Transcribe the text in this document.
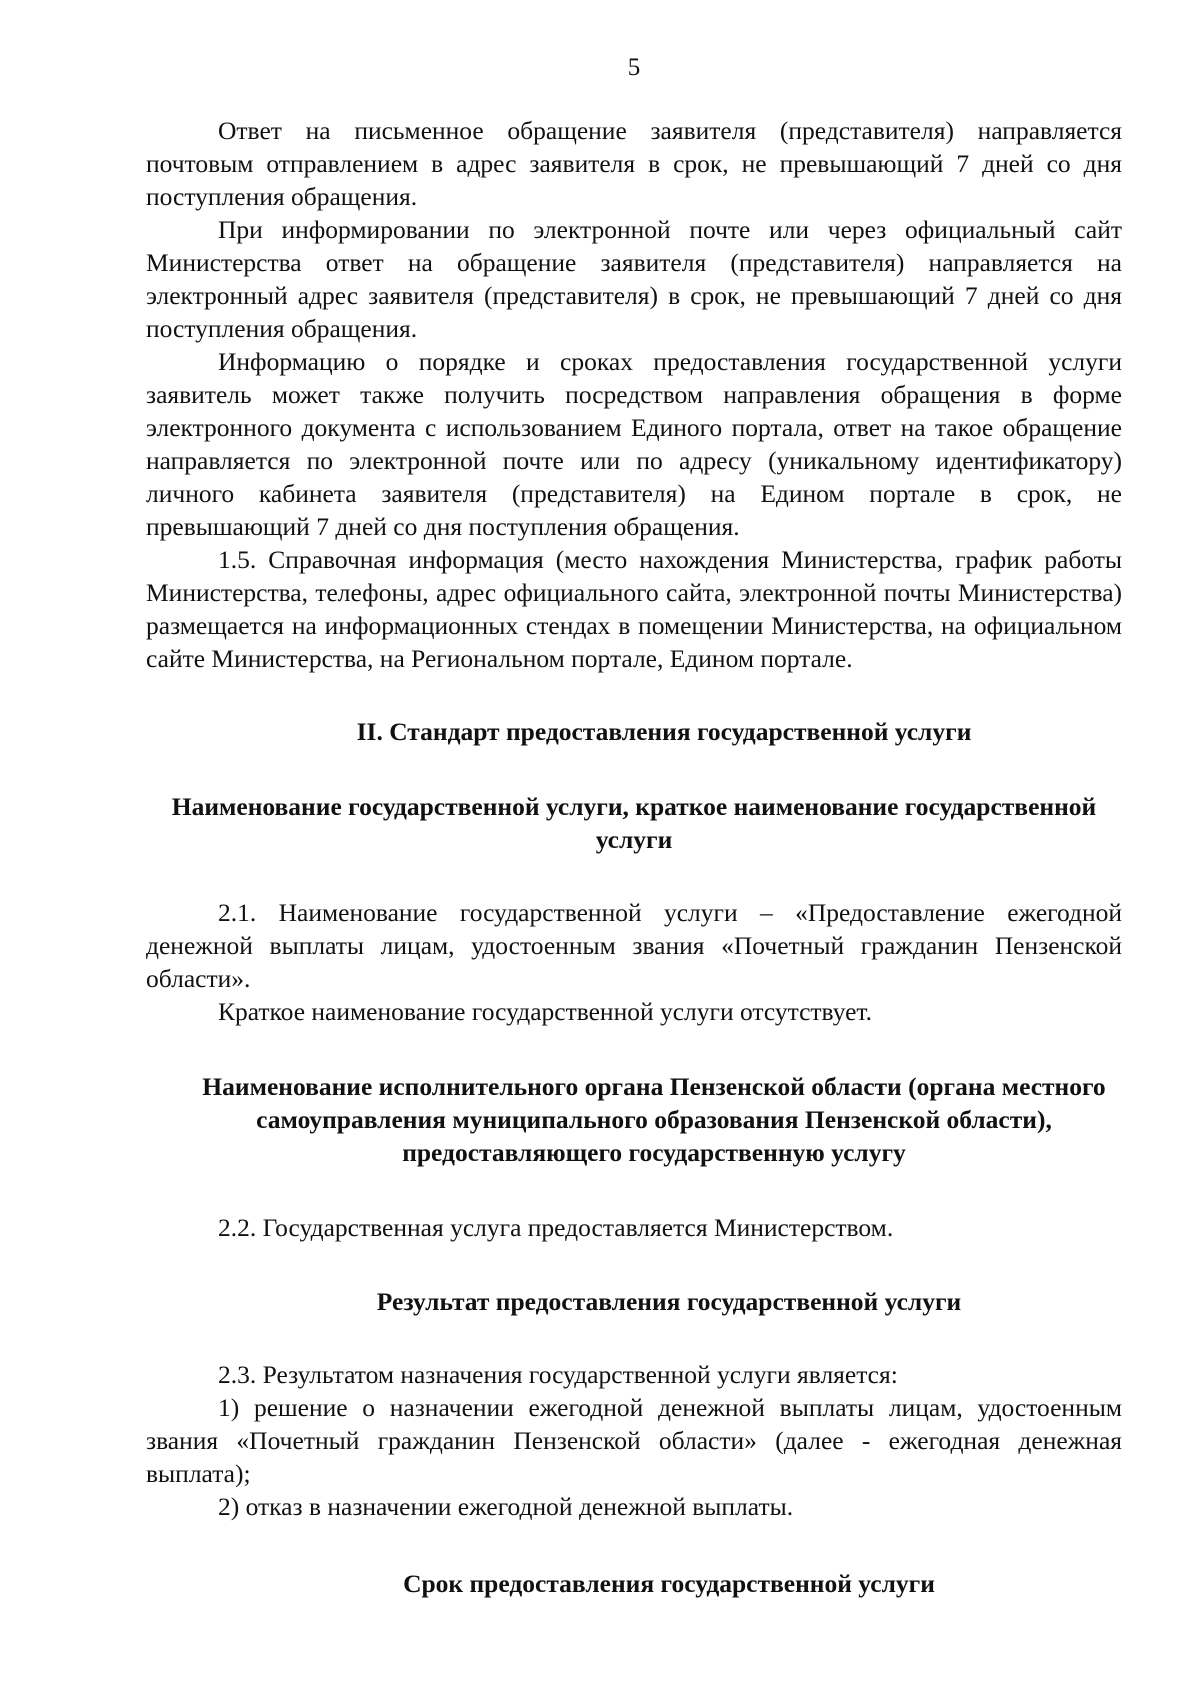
5

Ответ на письменное обращение заявителя (представителя) направляется почтовым отправлением в адрес заявителя в срок, не превышающий 7 дней со дня поступления обращения.

При информировании по электронной почте или через официальный сайт Министерства ответ на обращение заявителя (представителя) направляется на электронный адрес заявителя (представителя) в срок, не превышающий 7 дней со дня поступления обращения.

Информацию о порядке и сроках предоставления государственной услуги заявитель может также получить посредством направления обращения в форме электронного документа с использованием Единого портала, ответ на такое обращение направляется по электронной почте или по адресу (уникальному идентификатору) личного кабинета заявителя (представителя) на Едином портале в срок, не превышающий 7 дней со дня поступления обращения.

1.5. Справочная информация (место нахождения Министерства, график работы Министерства, телефоны, адрес официального сайта, электронной почты Министерства) размещается на информационных стендах в помещении Министерства, на официальном сайте Министерства, на Региональном портале, Едином портале.

II. Стандарт предоставления государственной услуги

Наименование государственной услуги, краткое наименование государственной услуги

2.1. Наименование государственной услуги – «Предоставление ежегодной денежной выплаты лицам, удостоенным звания «Почетный гражданин Пензенской области».

Краткое наименование государственной услуги отсутствует.

Наименование исполнительного органа Пензенской области (органа местного самоуправления муниципального образования Пензенской области), предоставляющего государственную услугу

2.2. Государственная услуга предоставляется Министерством.

Результат предоставления государственной услуги

2.3. Результатом назначения государственной услуги является:

1) решение о назначении ежегодной денежной выплаты лицам, удостоенным звания «Почетный гражданин Пензенской области» (далее - ежегодная денежная выплата);

2) отказ в назначении ежегодной денежной выплаты.

Срок предоставления государственной услуги
